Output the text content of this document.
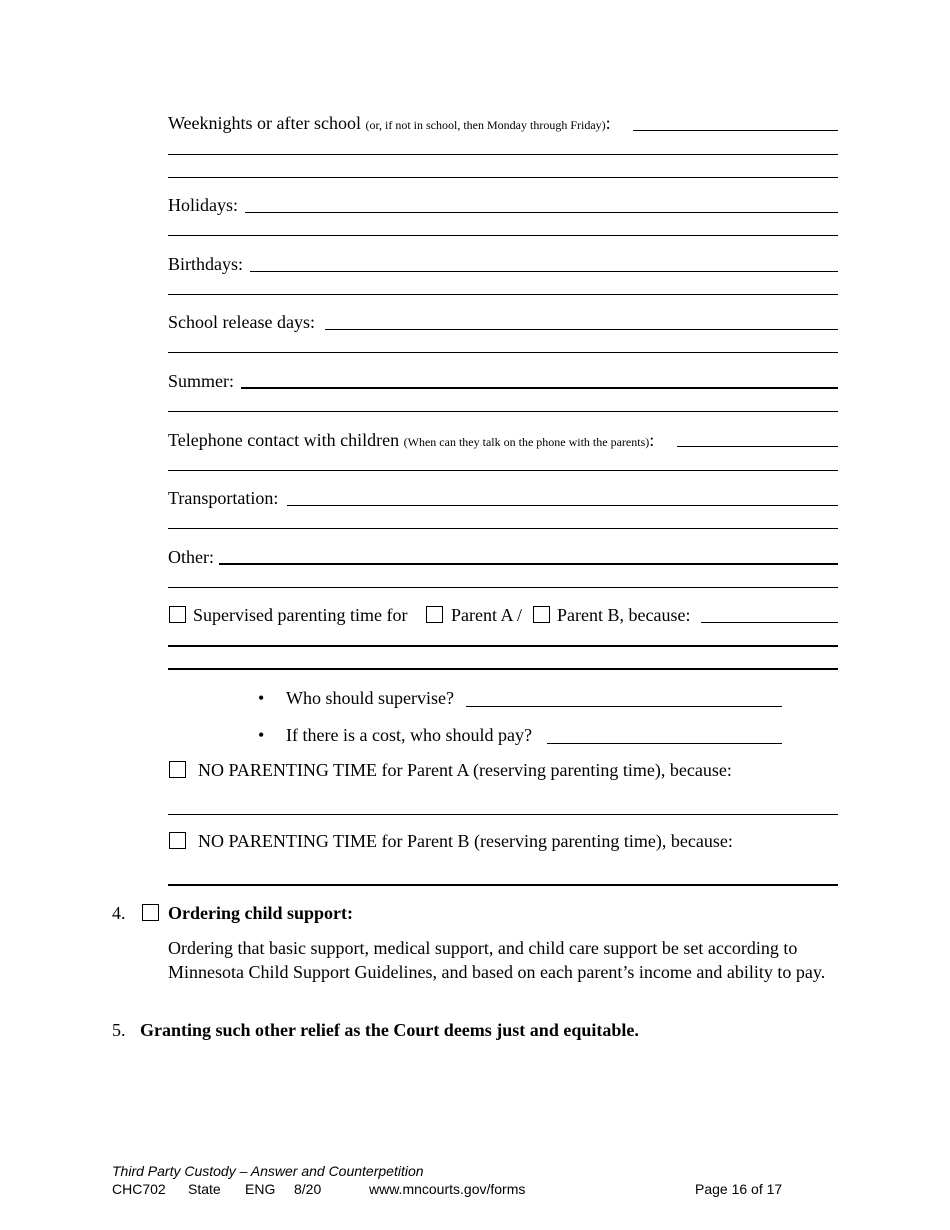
Weeknights or after school (or, if not in school, then Monday through Friday):
Holidays:
Birthdays:
School release days:
Summer:
Telephone contact with children (When can they talk on the phone with the parents):
Transportation:
Other:
Supervised parenting time for Parent A / Parent B, because:
• Who should supervise?
• If there is a cost, who should pay?
NO PARENTING TIME for Parent A (reserving parenting time), because:
NO PARENTING TIME for Parent B (reserving parenting time), because:
4. Ordering child support:
Ordering that basic support, medical support, and child care support be set according to Minnesota Child Support Guidelines, and based on each parent’s income and ability to pay.
5. Granting such other relief as the Court deems just and equitable.
Third Party Custody – Answer and Counterpetition
CHC702 State ENG 8/20	www.mncourts.gov/forms	Page 16 of 17
